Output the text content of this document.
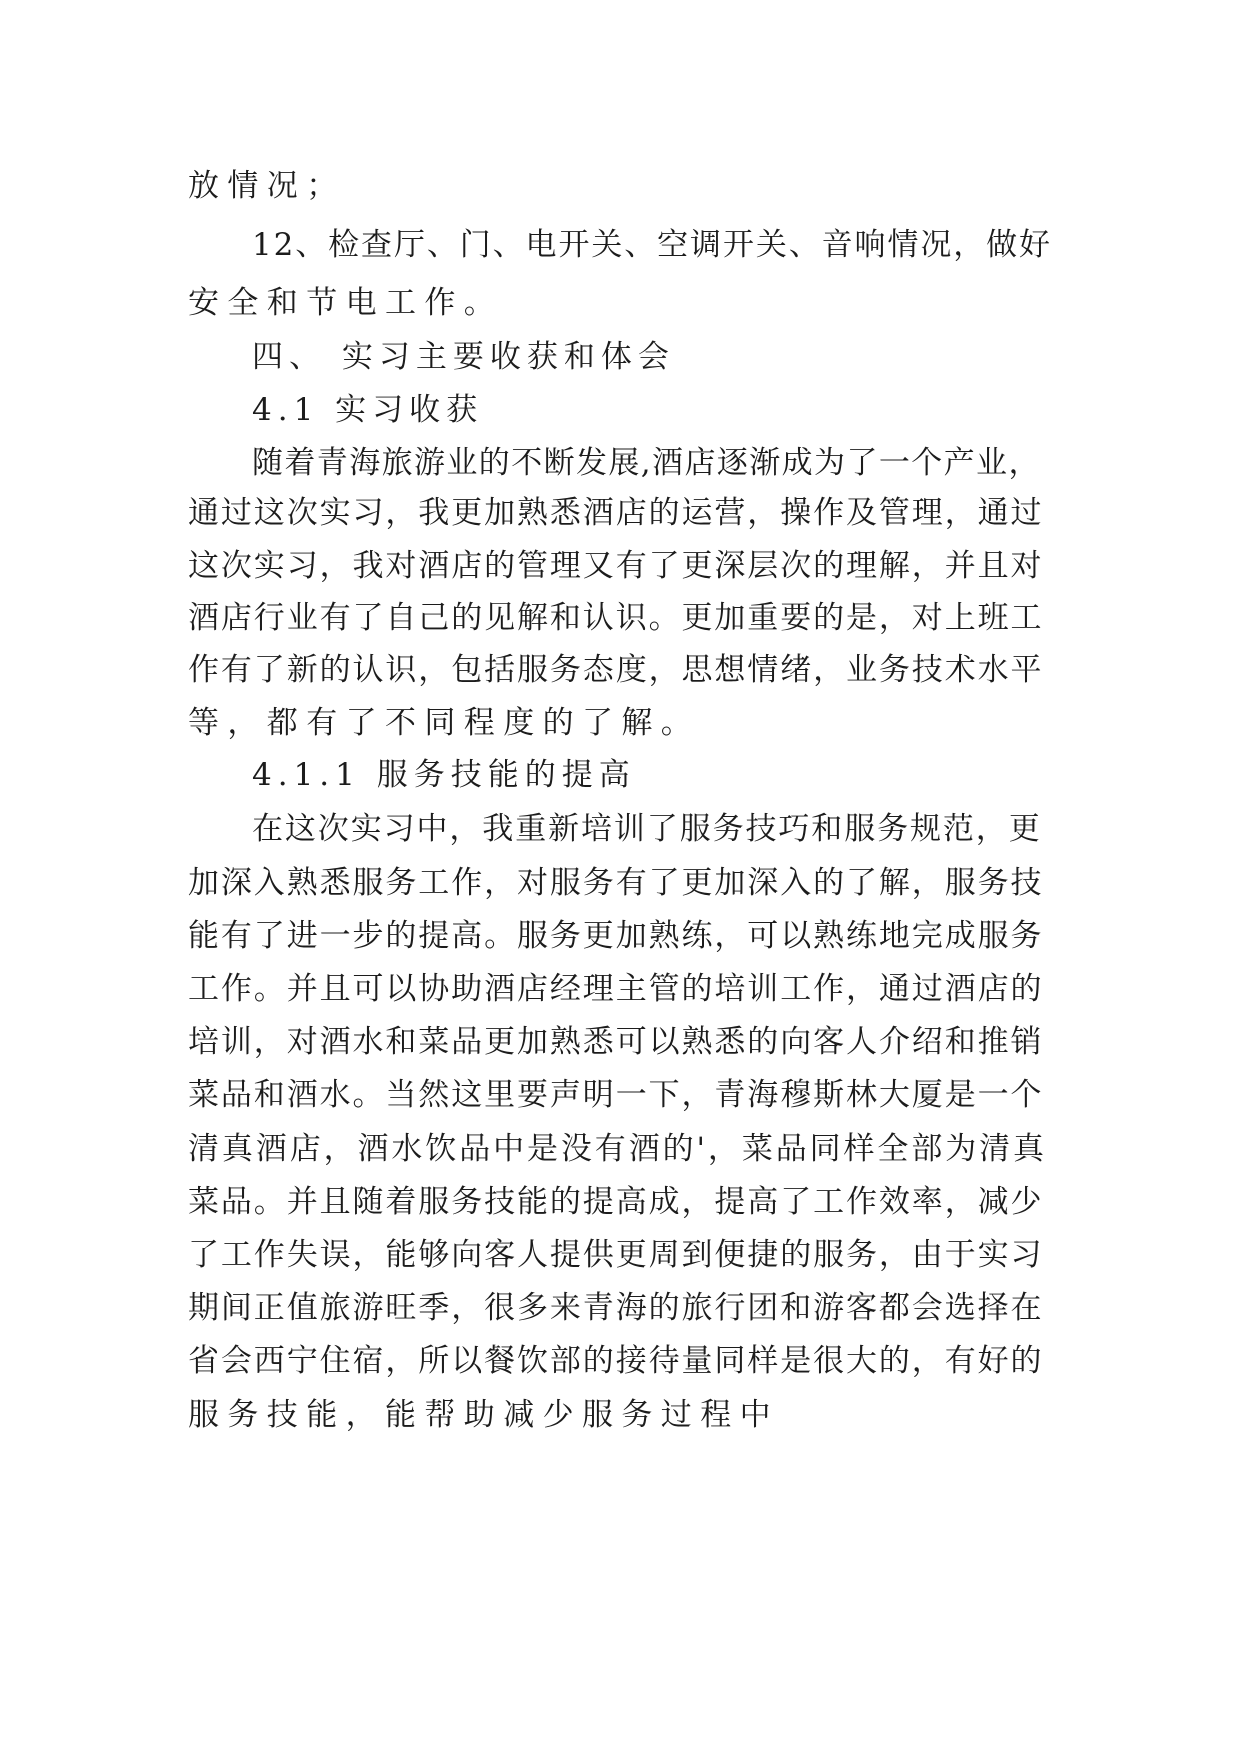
放情况；
12、检查厅、门、电开关、空调开关、音响情况，做好
安全和节电工作。
四、 实习主要收获和体会
4.1 实习收获
随着青海旅游业的不断发展,酒店逐渐成为了一个产业，
通过这次实习，我更加熟悉酒店的运营，操作及管理，通过
这次实习，我对酒店的管理又有了更深层次的理解，并且对
酒店行业有了自己的见解和认识。更加重要的是，对上班工
作有了新的认识，包括服务态度，思想情绪，业务技术水平
等，都有了不同程度的了解。
4.1.1 服务技能的提高
在这次实习中，我重新培训了服务技巧和服务规范，更
加深入熟悉服务工作，对服务有了更加深入的了解，服务技
能有了进一步的提高。服务更加熟练，可以熟练地完成服务
工作。并且可以协助酒店经理主管的培训工作，通过酒店的
培训，对酒水和菜品更加熟悉可以熟悉的向客人介绍和推销
菜品和酒水。当然这里要声明一下，青海穆斯林大厦是一个
清真酒店，酒水饮品中是没有酒的'，菜品同样全部为清真
菜品。并且随着服务技能的提高成，提高了工作效率，减少
了工作失误，能够向客人提供更周到便捷的服务，由于实习
期间正值旅游旺季，很多来青海的旅行团和游客都会选择在
省会西宁住宿，所以餐饮部的接待量同样是很大的，有好的
服务技能，能帮助减少服务过程中
